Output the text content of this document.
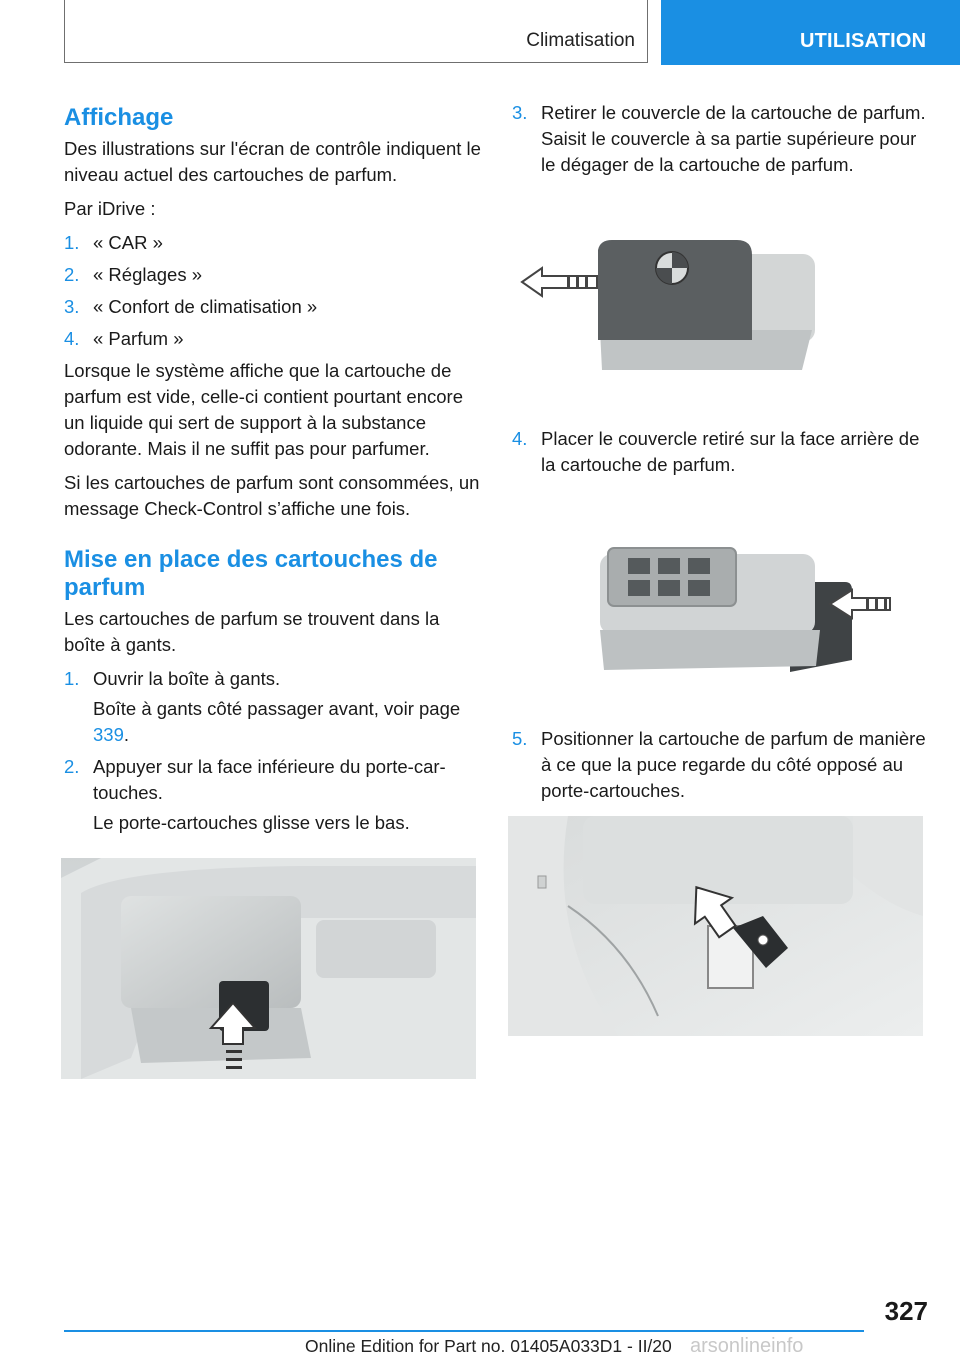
Climatisation	UTILISATION
Affichage

Des illustrations sur l'écran de contrôle indiquent le niveau actuel des cartouches de parfum.

Par iDrive :

1. « CAR »
2. « Réglages »
3. « Confort de climatisation »
4. « Parfum »

Lorsque le système affiche que la cartouche de parfum est vide, celle-ci contient pourtant encore un liquide qui sert de support à la substance odorante. Mais il ne suffit pas pour parfumer.

Si les cartouches de parfum sont consommées, un message Check-Control s’affiche une fois.

Mise en place des cartouches de parfum

Les cartouches de parfum se trouvent dans la boîte à gants.

1. Ouvrir la boîte à gants.

Boîte à gants côté passager avant, voir page 339.

2. Appuyer sur la face inférieure du porte-cartouches.

Le porte-cartouches glisse vers le bas.

3. Retirer le couvercle de la cartouche de parfum. Saisit le couvercle à sa partie supérieure pour le dégager de la cartouche de parfum.
4. Placer le couvercle retiré sur la face arrière de la cartouche de parfum.
5. Positionner la cartouche de parfum de manière à ce que la puce regarde du côté opposé au porte-cartouches.
327
Online Edition for Part no. 01405A033D1 - II/20 arsonlineinfo
